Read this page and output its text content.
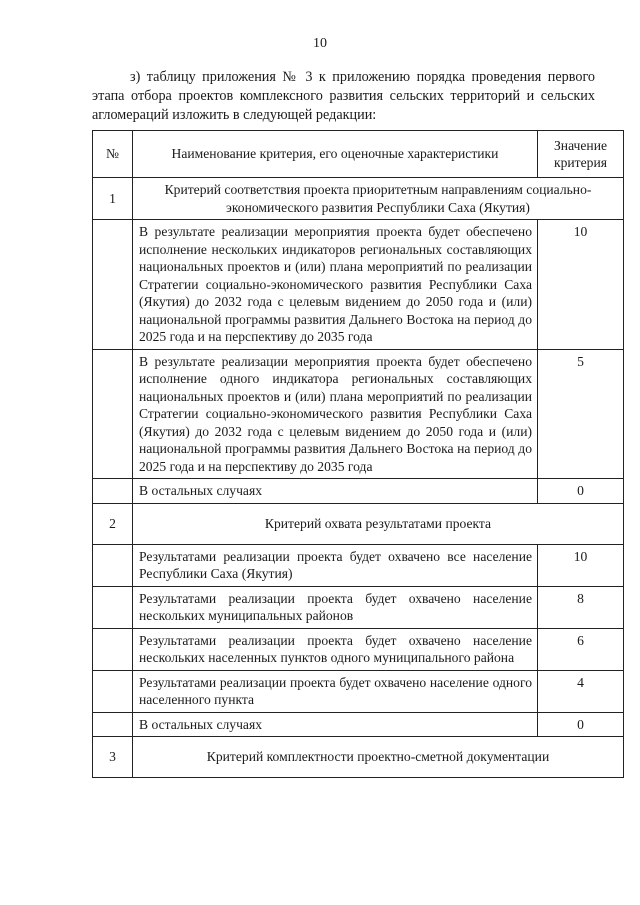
10

з) таблицу приложения № 3 к приложению порядка проведения первого

этапа отбора проектов комплексного развития сельских территорий и сельских

агломераций изложить в следующей редакции:

№	Наименование критерия, его оценочные характеристики	Значение критерия
1	Критерий соответствия проекта приоритетным направлениям социально-экономического развития Республики Саха (Якутия)	
	В результате реализации мероприятия проекта будет обеспечено исполнение нескольких индикаторов региональных составляющих национальных проектов и (или) плана мероприятий по реализации Стратегии социально-экономического развития Республики Саха (Якутия) до 2032 года с целевым видением до 2050 года и (или) национальной программы развития Дальнего Востока на период до 2025 года и на перспективу до 2035 года	10
	В результате реализации мероприятия проекта будет обеспечено исполнение одного индикатора региональных составляющих национальных проектов и (или) плана мероприятий по реализации Стратегии социально-экономического развития Республики Саха (Якутия) до 2032 года с целевым видением до 2050 года и (или) национальной программы развития Дальнего Востока на период до 2025 года и на перспективу до 2035 года	5
	В остальных случаях	0
2	Критерий охвата результатами проекта	
	Результатами реализации проекта будет охвачено все население Республики Саха (Якутия)	10
	Результатами реализации проекта будет охвачено население нескольких муниципальных районов	8
	Результатами реализации проекта будет охвачено население нескольких населенных пунктов одного муниципального района	6
	Результатами реализации проекта будет охвачено население одного населенного пункта	4
	В остальных случаях	0
3	Критерий комплектности проектно-сметной документации	
